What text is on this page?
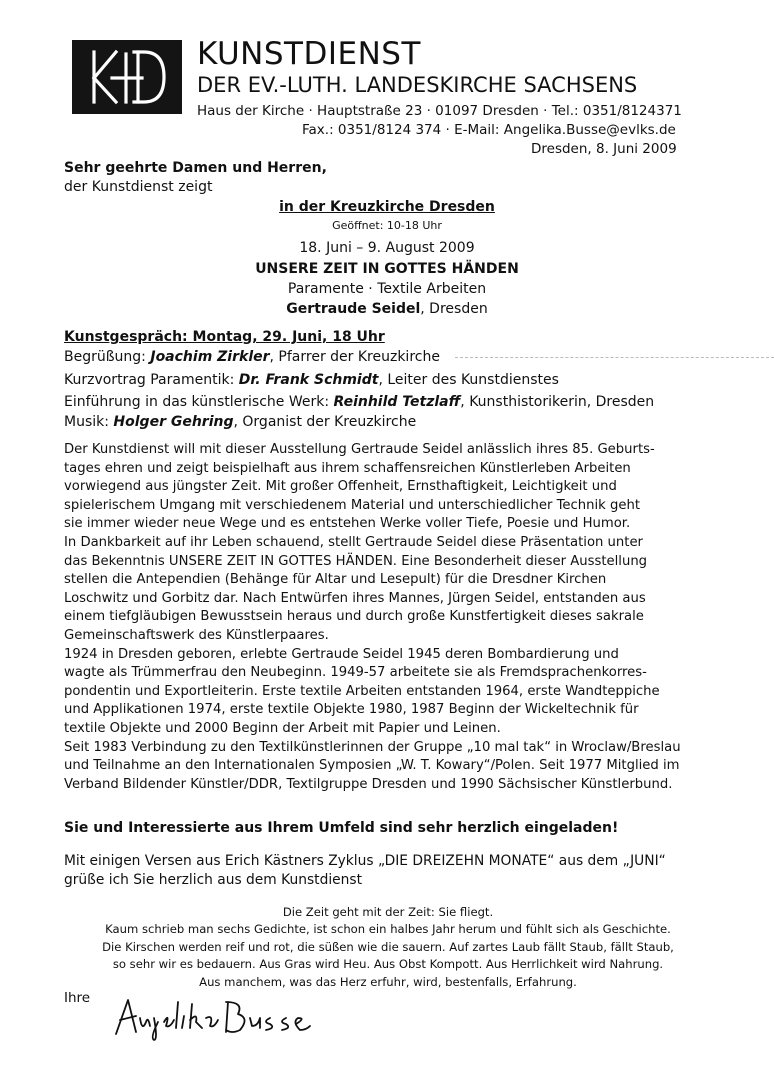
KUNSTDIENST
DER EV.-LUTH. LANDESKIRCHE SACHSENS
Haus der Kirche · Hauptstraße 23 · 01097 Dresden · Tel.: 0351/8124371
Fax.: 0351/8124 374 · E-Mail: Angelika.Busse@evlks.de
Dresden, 8. Juni 2009
Sehr geehrte Damen und Herren,
der Kunstdienst zeigt
in der Kreuzkirche Dresden
Geöffnet: 10-18 Uhr
18. Juni – 9. August 2009
UNSERE ZEIT IN GOTTES HÄNDEN
Paramente · Textile Arbeiten
Gertraude Seidel, Dresden
Kunstgespräch: Montag, 29. Juni, 18 Uhr
Begrüßung: Joachim Zirkler, Pfarrer der Kreuzkirche
Kurzvortrag Paramentik: Dr. Frank Schmidt, Leiter des Kunstdienstes
Einführung in das künstlerische Werk: Reinhild Tetzlaff, Kunsthistorikerin, Dresden
Musik: Holger Gehring, Organist der Kreuzkirche
Der Kunstdienst will mit dieser Ausstellung Gertraude Seidel anlässlich ihres 85. Geburts-
tages ehren und zeigt beispielhaft aus ihrem schaffensreichen Künstlerleben Arbeiten
vorwiegend aus jüngster Zeit. Mit großer Offenheit, Ernsthaftigkeit, Leichtigkeit und
spielerischem Umgang mit verschiedenem Material und unterschiedlicher Technik geht
sie immer wieder neue Wege und es entstehen Werke voller Tiefe, Poesie und Humor.
In Dankbarkeit auf ihr Leben schauend, stellt Gertraude Seidel diese Präsentation unter
das Bekenntnis UNSERE ZEIT IN GOTTES HÄNDEN. Eine Besonderheit dieser Ausstellung
stellen die Antependien (Behänge für Altar und Lesepult) für die Dresdner Kirchen
Loschwitz und Gorbitz dar. Nach Entwürfen ihres Mannes, Jürgen Seidel, entstanden aus
einem tiefgläubigen Bewusstsein heraus und durch große Kunstfertigkeit dieses sakrale
Gemeinschaftswerk des Künstlerpaares.
1924 in Dresden geboren, erlebte Gertraude Seidel 1945 deren Bombardierung und
wagte als Trümmerfrau den Neubeginn. 1949-57 arbeitete sie als Fremdsprachenkorres-
pondentin und Exportleiterin. Erste textile Arbeiten entstanden 1964, erste Wandteppiche
und Applikationen 1974, erste textile Objekte 1980, 1987 Beginn der Wickeltechnik für
textile Objekte und 2000 Beginn der Arbeit mit Papier und Leinen.
Seit 1983 Verbindung zu den Textilkünstlerinnen der Gruppe „10 mal tak“ in Wroclaw/Breslau
und Teilnahme an den Internationalen Symposien „W. T. Kowary“/Polen. Seit 1977 Mitglied im
Verband Bildender Künstler/DDR, Textilgruppe Dresden und 1990 Sächsischer Künstlerbund.
Sie und Interessierte aus Ihrem Umfeld sind sehr herzlich eingeladen!
Mit einigen Versen aus Erich Kästners Zyklus „DIE DREIZEHN MONATE“ aus dem „JUNI“
grüße ich Sie herzlich aus dem Kunstdienst
Die Zeit geht mit der Zeit: Sie fliegt.
Kaum schrieb man sechs Gedichte, ist schon ein halbes Jahr herum und fühlt sich als Geschichte.
Die Kirschen werden reif und rot, die süßen wie die sauern. Auf zartes Laub fällt Staub, fällt Staub,
so sehr wir es bedauern. Aus Gras wird Heu. Aus Obst Kompott. Aus Herrlichkeit wird Nahrung.
Aus manchem, was das Herz erfuhr, wird, bestenfalls, Erfahrung.
Ihre
